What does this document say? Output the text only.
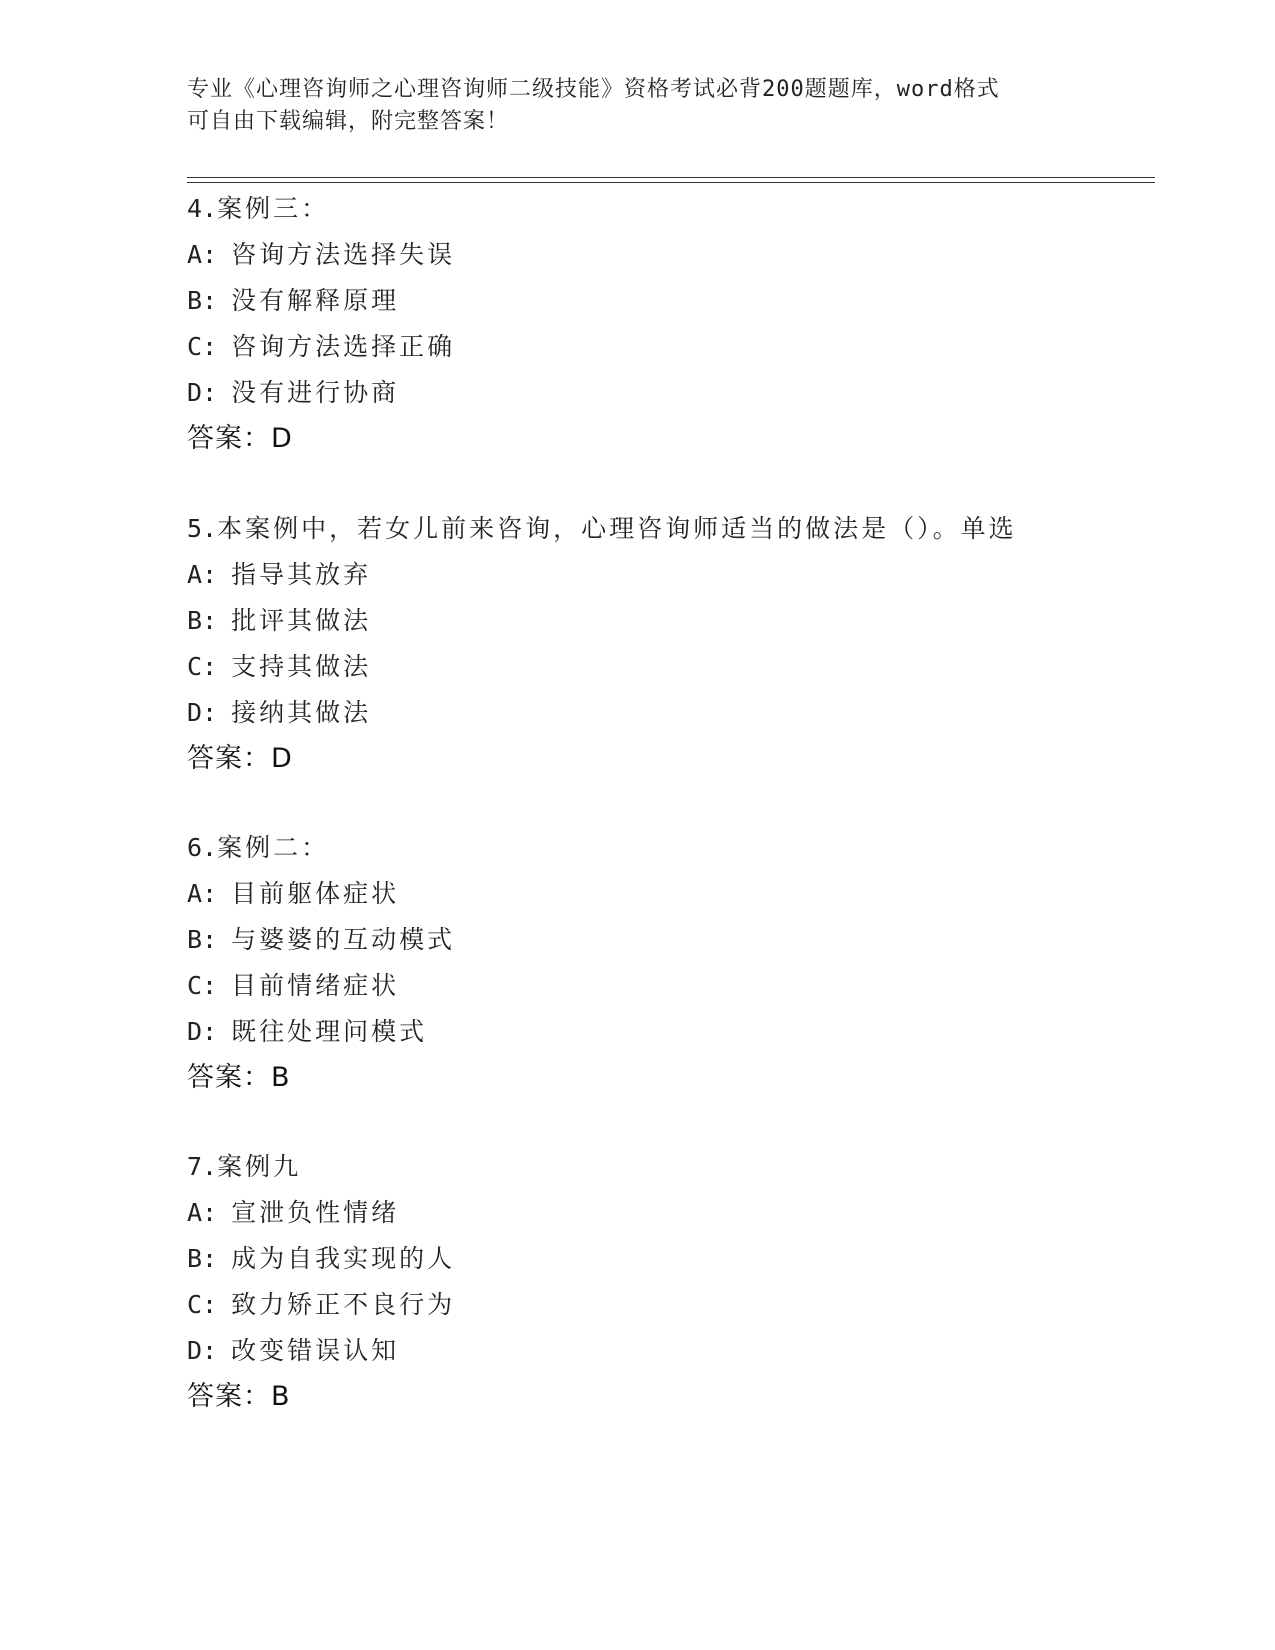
专业《心理咨询师之心理咨询师二级技能》资格考试必背200题题库，word格式
可自由下载编辑，附完整答案！
4.案例三：
A: 咨询方法选择失误
B: 没有解释原理
C: 咨询方法选择正确
D: 没有进行协商
答案：D
5.本案例中，若女儿前来咨询，心理咨询师适当的做法是（）。单选
A: 指导其放弃
B: 批评其做法
C: 支持其做法
D: 接纳其做法
答案：D
6.案例二：
A: 目前躯体症状
B: 与婆婆的互动模式
C: 目前情绪症状
D: 既往处理问模式
答案：B
7.案例九
A: 宣泄负性情绪
B: 成为自我实现的人
C: 致力矫正不良行为
D: 改变错误认知
答案：B
